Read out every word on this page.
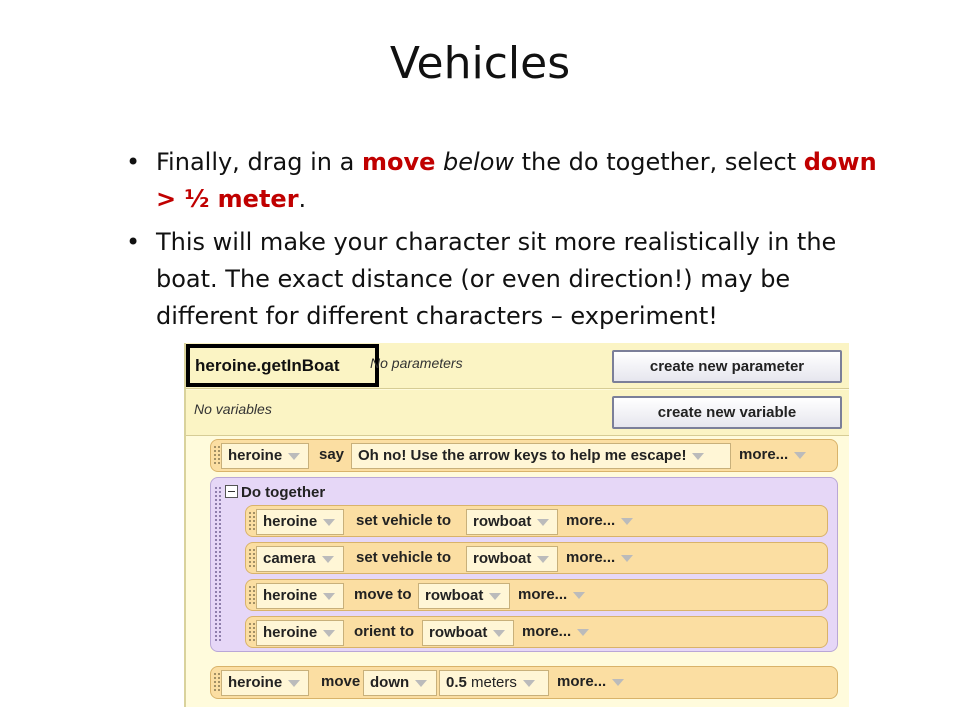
Vehicles
• Finally, drag in a move below the do together, select down > ½ meter.
• This will make your character sit more realistically in the boat. The exact distance (or even direction!) may be different for different characters – experiment!
heroine.getInBoat	No parameters	create new parameter
No variables	create new variable
heroine	say Oh no! Use the arrow keys to help me escape!	more...
Do together
heroine	set vehicle to	rowboat	more...
camera	set vehicle to	rowboat	more...
heroine	move to rowboat	more...
heroine	orient to	rowboat	more...
heroine	move down	0.5 meters	more...
